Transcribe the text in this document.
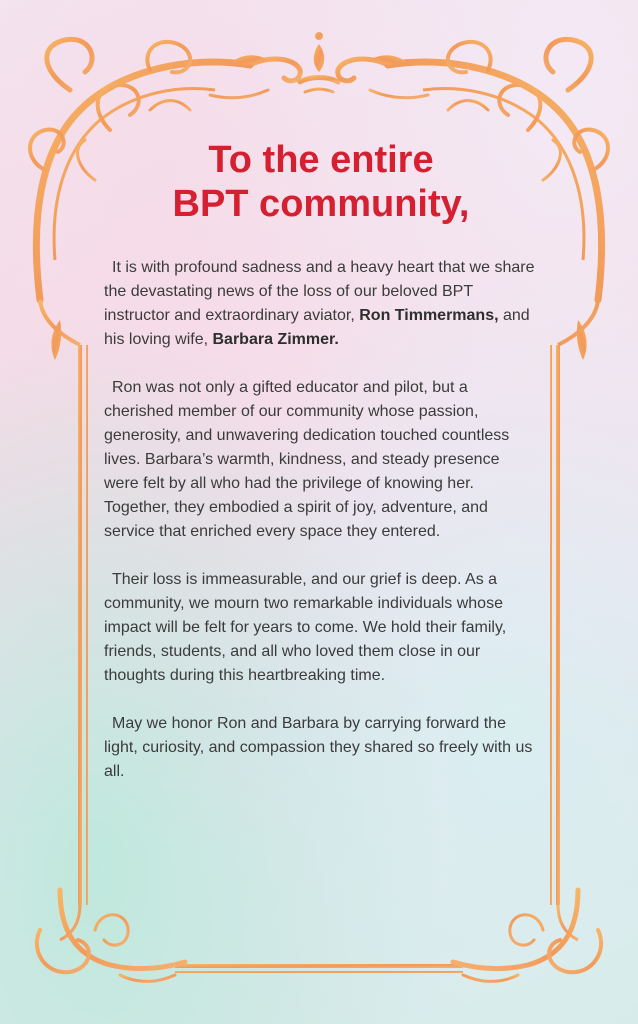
To the entire
BPT community,

It is with profound sadness and a heavy heart that we share the devastating news of the loss of our beloved BPT instructor and extraordinary aviator, Ron Timmermans, and his loving wife, Barbara Zimmer.

Ron was not only a gifted educator and pilot, but a cherished member of our community whose passion, generosity, and unwavering dedication touched countless lives. Barbara’s warmth, kindness, and steady presence were felt by all who had the privilege of knowing her. Together, they embodied a spirit of joy, adventure, and service that enriched every space they entered.

Their loss is immeasurable, and our grief is deep. As a community, we mourn two remarkable individuals whose impact will be felt for years to come. We hold their family, friends, students, and all who loved them close in our thoughts during this heartbreaking time.

May we honor Ron and Barbara by carrying forward the light, curiosity, and compassion they shared so freely with us all.
